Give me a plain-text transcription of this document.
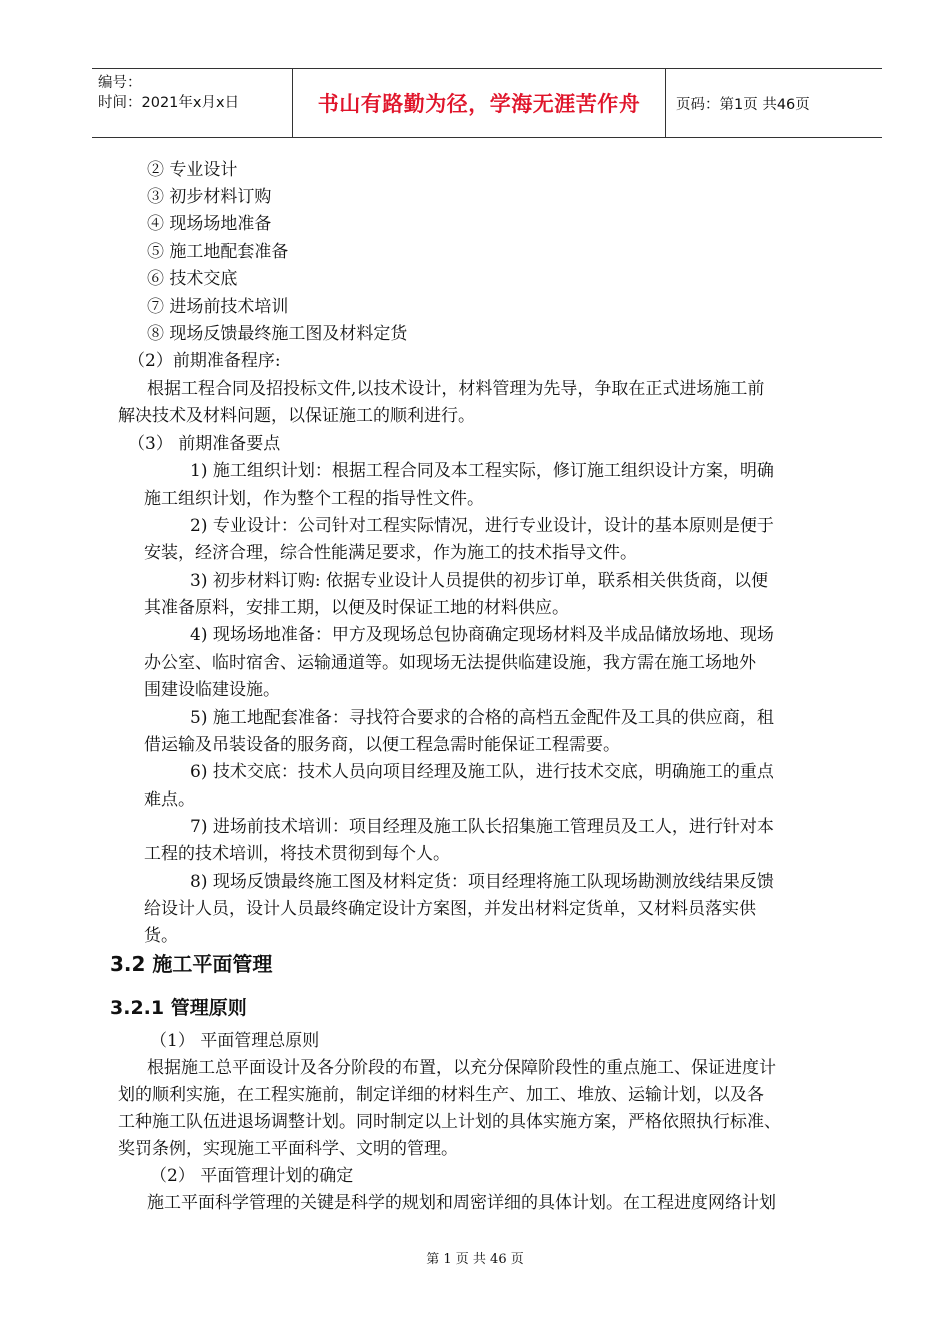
编号：
时间：2021年x月x日	书山有路勤为径，学海无涯苦作舟	页码：第1页 共46页
② 专业设计
③ 初步材料订购
④ 现场场地准备
⑤ 施工地配套准备
⑥ 技术交底
⑦ 进场前技术培训
⑧ 现场反馈最终施工图及材料定货
（2）前期准备程序:
根据工程合同及招投标文件,以技术设计，材料管理为先导，争取在正式进场施工前
解决技术及材料问题，以保证施工的顺利进行。
（3） 前期准备要点
1) 施工组织计划：根据工程合同及本工程实际，修订施工组织设计方案，明确
施工组织计划，作为整个工程的指导性文件。
2) 专业设计：公司针对工程实际情况，进行专业设计，设计的基本原则是便于
安装，经济合理，综合性能满足要求，作为施工的技术指导文件。
3) 初步材料订购: 依据专业设计人员提供的初步订单，联系相关供货商，以便
其准备原料，安排工期，以便及时保证工地的材料供应。
4) 现场场地准备：甲方及现场总包协商确定现场材料及半成品储放场地、现场
办公室、临时宿舍、运输通道等。如现场无法提供临建设施，我方需在施工场地外
围建设临建设施。
5) 施工地配套准备：寻找符合要求的合格的高档五金配件及工具的供应商，租
借运输及吊装设备的服务商，以便工程急需时能保证工程需要。
6) 技术交底：技术人员向项目经理及施工队，进行技术交底，明确施工的重点
难点。
7) 进场前技术培训：项目经理及施工队长招集施工管理员及工人，进行针对本
工程的技术培训，将技术贯彻到每个人。
8) 现场反馈最终施工图及材料定货：项目经理将施工队现场勘测放线结果反馈
给设计人员，设计人员最终确定设计方案图，并发出材料定货单，又材料员落实供
货。
3.2 施工平面管理
3.2.1 管理原则
（1） 平面管理总原则
根据施工总平面设计及各分阶段的布置，以充分保障阶段性的重点施工、保证进度计
划的顺利实施，在工程实施前，制定详细的材料生产、加工、堆放、运输计划，以及各
工种施工队伍进退场调整计划。同时制定以上计划的具体实施方案，严格依照执行标准、
奖罚条例，实现施工平面科学、文明的管理。
（2） 平面管理计划的确定
施工平面科学管理的关键是科学的规划和周密详细的具体计划。在工程进度网络计划
第 1 页 共 46 页
